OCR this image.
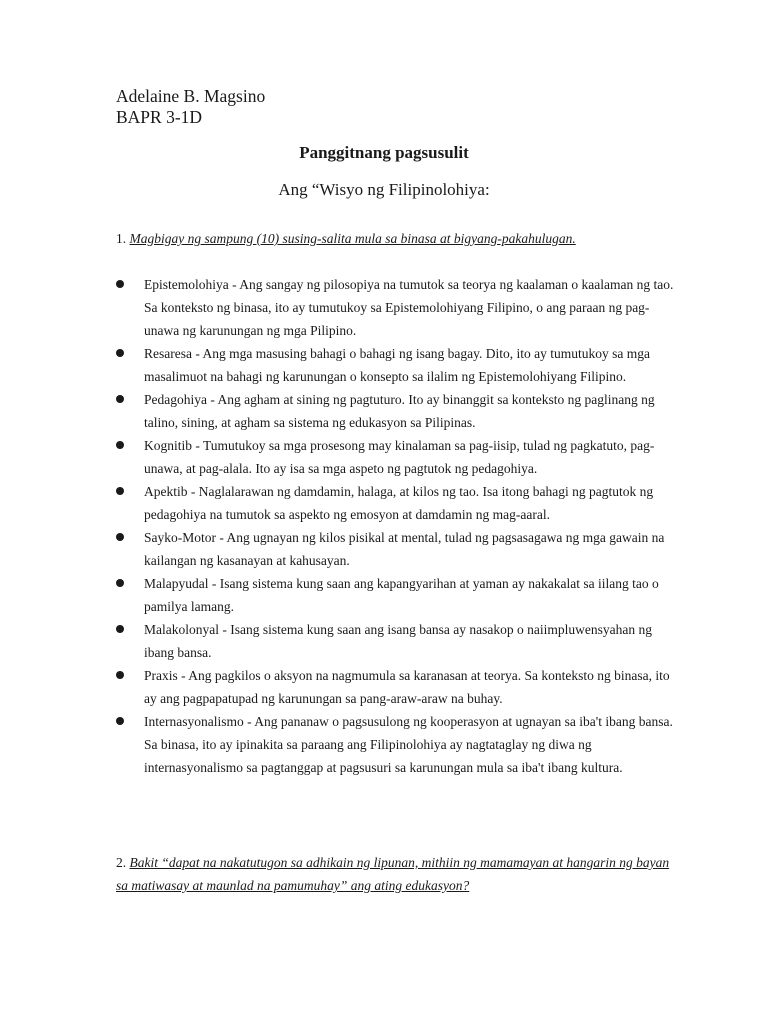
Adelaine B. Magsino
BAPR 3-1D
Panggitnang pagsusulit
Ang “Wisyo ng Filipinolohiya:
1. Magbigay ng sampung (10) susing-salita mula sa binasa at bigyang-pakahulugan.
Epistemolohiya - Ang sangay ng pilosopiya na tumutok sa teorya ng kaalaman o kaalaman ng tao. Sa konteksto ng binasa, ito ay tumutukoy sa Epistemolohiyang Filipino, o ang paraan ng pag-unawa ng karunungan ng mga Pilipino.
Resaresa - Ang mga masusing bahagi o bahagi ng isang bagay. Dito, ito ay tumutukoy sa mga masalimuot na bahagi ng karunungan o konsepto sa ilalim ng Epistemolohiyang Filipino.
Pedagohiya - Ang agham at sining ng pagtuturo. Ito ay binanggit sa konteksto ng paglinang ng talino, sining, at agham sa sistema ng edukasyon sa Pilipinas.
Kognitib - Tumutukoy sa mga prosesong may kinalaman sa pag-iisip, tulad ng pagkatuto, pag-unawa, at pag-alala. Ito ay isa sa mga aspeto ng pagtutok ng pedagohiya.
Apektib - Naglalarawan ng damdamin, halaga, at kilos ng tao. Isa itong bahagi ng pagtutok ng pedagohiya na tumutok sa aspekto ng emosyon at damdamin ng mag-aaral.
Sayko-Motor - Ang ugnayan ng kilos pisikal at mental, tulad ng pagsasagawa ng mga gawain na kailangan ng kasanayan at kahusayan.
Malapyudal - Isang sistema kung saan ang kapangyarihan at yaman ay nakakalat sa iilang tao o pamilya lamang.
Malakolonyal - Isang sistema kung saan ang isang bansa ay nasakop o naiimpluwensyahan ng ibang bansa.
Praxis - Ang pagkilos o aksyon na nagmumula sa karanasan at teorya. Sa konteksto ng binasa, ito ay ang pagpapatupad ng karunungan sa pang-araw-araw na buhay.
Internasyonalismo - Ang pananaw o pagsusulong ng kooperasyon at ugnayan sa iba't ibang bansa. Sa binasa, ito ay ipinakita sa paraang ang Filipinolohiya ay nagtataglay ng diwa ng internasyonalismo sa pagtanggap at pagsusuri sa karunungan mula sa iba't ibang kultura.
2. Bakit “dapat na nakatutugon sa adhikain ng lipunan, mithiin ng mamamayan at hangarin ng bayan sa matiwasay at maunlad na pamumuhay” ang ating edukasyon?
